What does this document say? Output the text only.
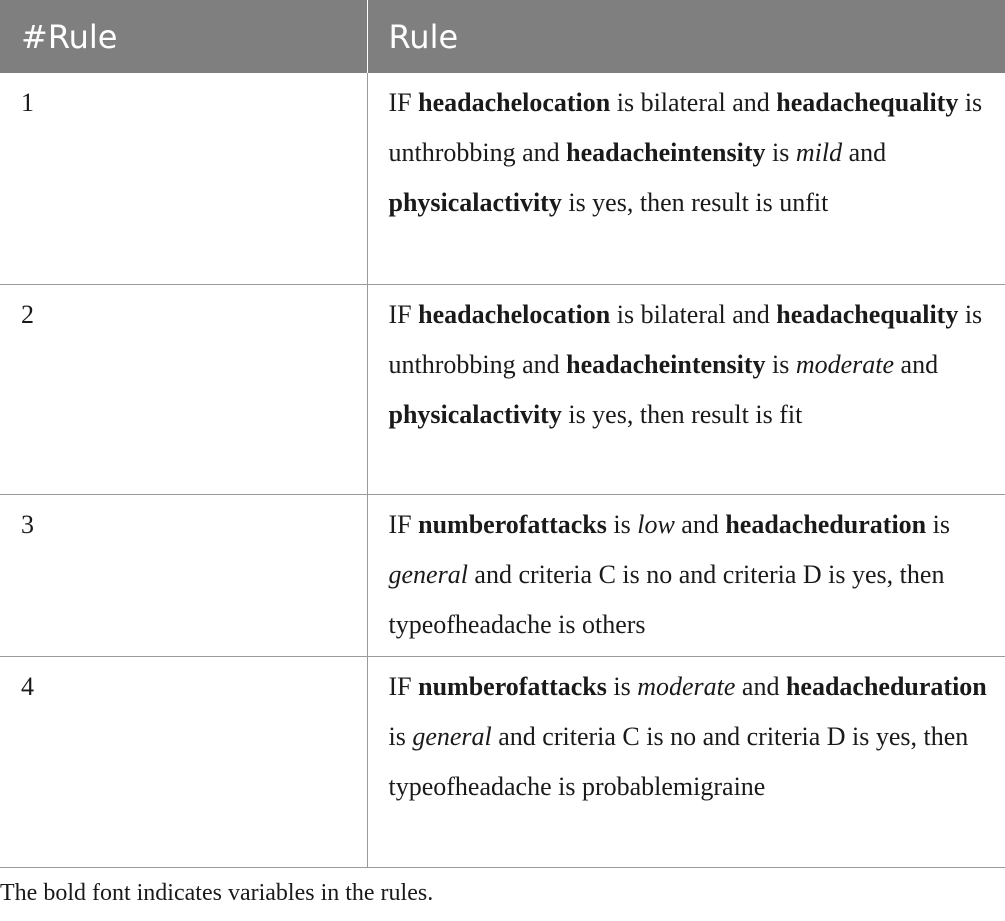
#Rule	Rule
1	IF headachelocation is bilateral and headachequality is unthrobbing and headacheintensity is mild and physicalactivity is yes, then result is unfit
2	IF headachelocation is bilateral and headachequality is unthrobbing and headacheintensity is moderate and physicalactivity is yes, then result is fit
3	IF numberofattacks is low and headacheduration is general and criteria C is no and criteria D is yes, then typeofheadache is others
4	IF numberofattacks is moderate and headacheduration is general and criteria C is no and criteria D is yes, then typeofheadache is probablemigraine

The bold font indicates variables in the rules.
